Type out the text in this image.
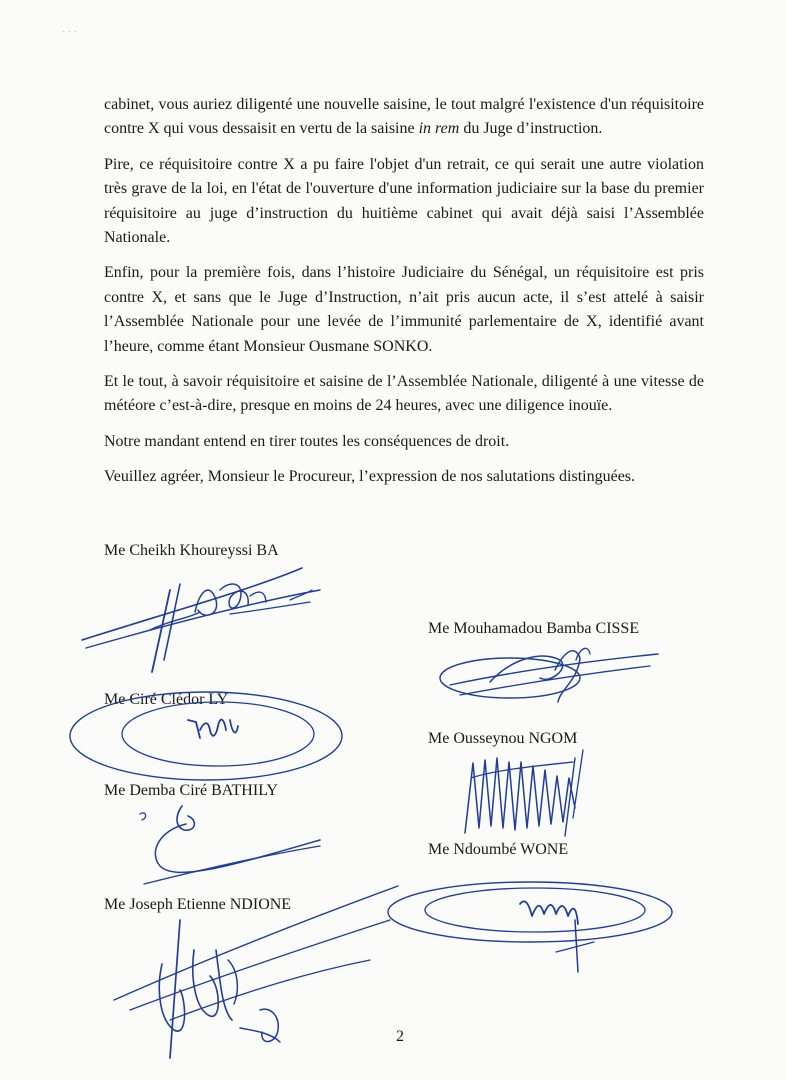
cabinet, vous auriez diligenté une nouvelle saisine, le tout malgré l'existence d'un réquisitoire contre X qui vous dessaisit en vertu de la saisine in rem du Juge d’instruction.

Pire, ce réquisitoire contre X a pu faire l'objet d'un retrait, ce qui serait une autre violation très grave de la loi, en l'état de l'ouverture d'une information judiciaire sur la base du premier réquisitoire au juge d’instruction du huitième cabinet qui avait déjà saisi l’Assemblée Nationale.

Enfin, pour la première fois, dans l’histoire Judiciaire du Sénégal, un réquisitoire est pris contre X, et sans que le Juge d’Instruction, n’ait pris aucun acte, il s’est attelé à saisir l’Assemblée Nationale pour une levée de l’immunité parlementaire de X, identifié avant l’heure, comme étant Monsieur Ousmane SONKO.

Et le tout, à savoir réquisitoire et saisine de l’Assemblée Nationale, diligenté à une vitesse de météore c’est-à-dire, presque en moins de 24 heures, avec une diligence inouïe.

Notre mandant entend en tirer toutes les conséquences de droit.

Veuillez agréer, Monsieur le Procureur, l’expression de nos salutations distinguées.

Me Cheikh Khoureyssi BA
Me Mouhamadou Bamba CISSE
Me Ciré Clédor LY
Me Ousseynou NGOM
Me Demba Ciré BATHILY
Me Ndoumbé WONE
Me Joseph Etienne NDIONE
˙ ˙ ˙
2
